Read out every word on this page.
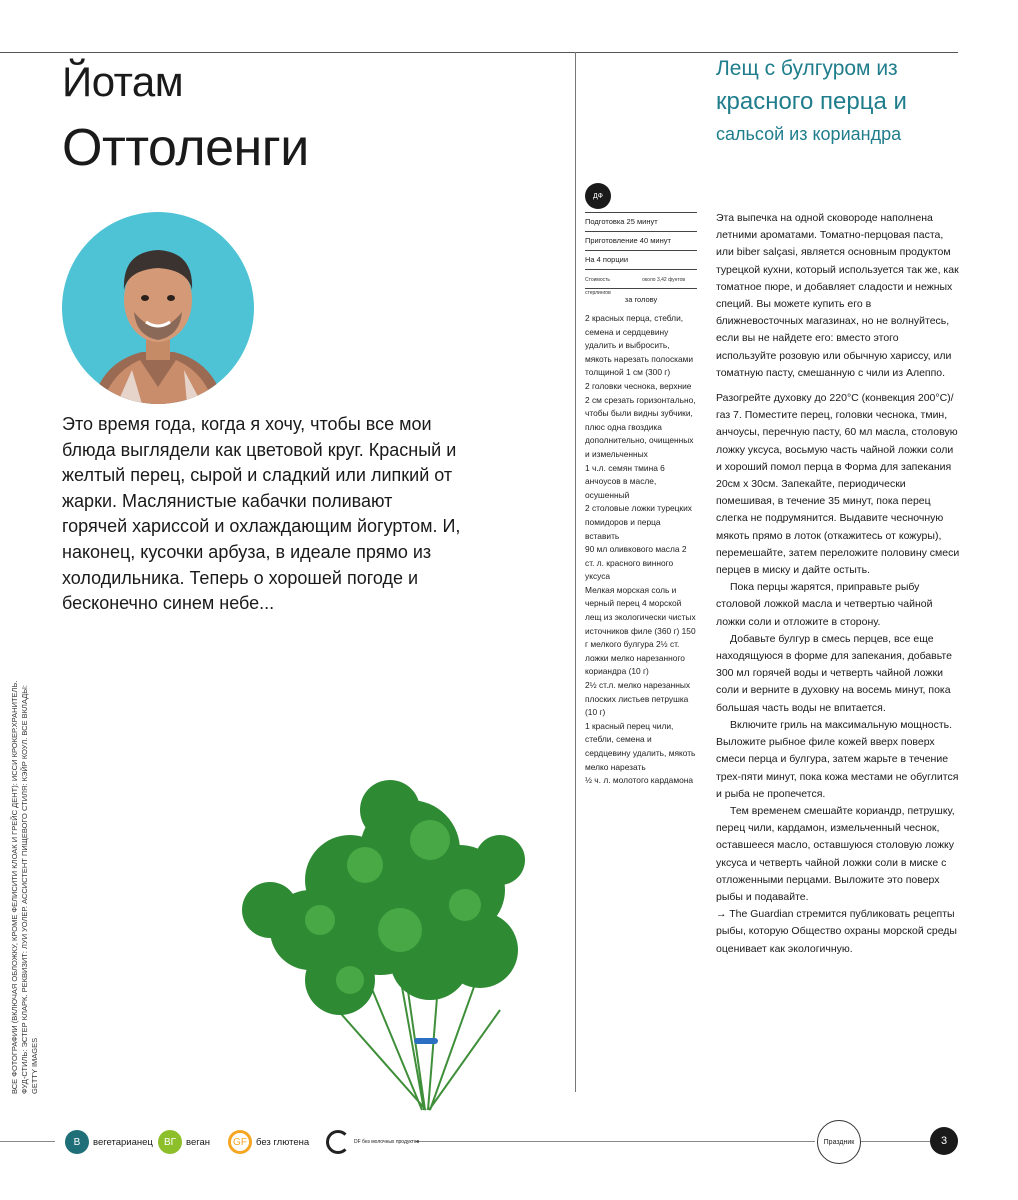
Йотам
Оттоленги
Это время года, когда я хочу, чтобы все мои блюда выглядели как цветовой круг. Красный и желтый перец, сырой и сладкий или липкий от жарки. Маслянистые кабачки поливают горячей хариссой и охлаждающим йогуртом. И, наконец, кусочки арбуза, в идеале прямо из холодильника. Теперь о хорошей погоде и бесконечно синем небе...
ВСЕ ФОТОГРАФИИ (ВКЛЮЧАЯ ОБЛОЖКУ, КРОМЕ ФЕЛИСИТИ КЛОАК И ГРЕЙС ДЕНТ): ИССИ КРОКЕР.ХРАНИТЕЛЬ. ФУД-СТИЛЬ: ЭСТЕР КЛАРК. РЕКВИЗИТ: ЛУИ УОЛЕР. АССИСТЕНТ ПИЩЕВОГО СТИЛЯ: КЭЙР КОУЛ. ВСЕ ВКЛАДЫ: GETTY IMAGES
Лещ с булгуром из
красного перца и
сальсой из кориандра
ДФ
Подготовка 25 минут
Приготовление 40 минут
На 4 порции
Стоимость	около 3,42 фунтов стерлингов
за голову
2 красных перца, стебли, семена и сердцевину удалить и выбросить, мякоть нарезать полосками толщиной 1 см (300 г)
2 головки чеснока, верхние 2 см срезать горизонтально, чтобы были видны зубчики, плюс одна гвоздика дополнительно, очищенных и измельченных
1 ч.л. семян тмина 6 анчоусов в масле, осушенный
2 столовые ложки турецких помидоров и перца вставить
90 мл оливкового масла 2 ст. л. красного винного уксуса
Мелкая морская соль и черный перец 4 морской лещ из экологически чистых источников филе (360 г) 150 г мелкого булгура 2½ ст. ложки мелко нарезанного кориандра (10 г)
2½ ст.л. мелко нарезанных плоских листьев петрушка (10 г)
1 красный перец чили, стебли, семена и сердцевину удалить, мякоть мелко нарезать
½ ч. л. молотого кардамона

Эта выпечка на одной сковороде наполнена летними ароматами. Томатно-перцовая паста, или biber salçasi, является основным продуктом турецкой кухни, который используется так же, как томатное пюре, и добавляет сладости и нежных специй. Вы можете купить его в ближневосточных магазинах, но не волнуйтесь, если вы не найдете его: вместо этого используйте розовую или обычную хариссу, или томатную пасту, смешанную с чили из Алеппо.

Разогрейте духовку до 220°C (конвекция 200°C)/газ 7. Поместите перец, головки чеснока, тмин, анчоусы, перечную пасту, 60 мл масла, столовую ложку уксуса, восьмую часть чайной ложки соли и хороший помол перца в Форма для запекания 20см х 30см. Запекайте, периодически помешивая, в течение 35 минут, пока перец слегка не подрумянится. Выдавите чесночную мякоть прямо в лоток (откажитесь от кожуры), перемешайте, затем переложите половину смеси перцев в миску и дайте остыть.

Пока перцы жарятся, приправьте рыбу столовой ложкой масла и четвертью чайной ложки соли и отложите в сторону.

Добавьте булгур в смесь перцев, все еще находящуюся в форме для запекания, добавьте 300 мл горячей воды и четверть чайной ложки соли и верните в духовку на восемь минут, пока большая часть воды не впитается.

Включите гриль на максимальную мощность. Выложите рыбное филе кожей вверх поверх смеси перца и булгура, затем жарьте в течение трех-пяти минут, пока кожа местами не обуглится и рыба не пропечется.

Тем временем смешайте кориандр, петрушку, перец чили, кардамон, измельченный чеснок, оставшееся масло, оставшуюся столовую ложку уксуса и четверть чайной ложки соли в миске с отложенными перцами. Выложите это поверх рыбы и подавайте.

→ The Guardian стремится публиковать рецепты рыбы, которую Общество охраны морской среды оценивает как экологичную.

В	вегетарианец	ВГ	веган	GF без глютена	DF без молочных продуктов	Праздник	3
